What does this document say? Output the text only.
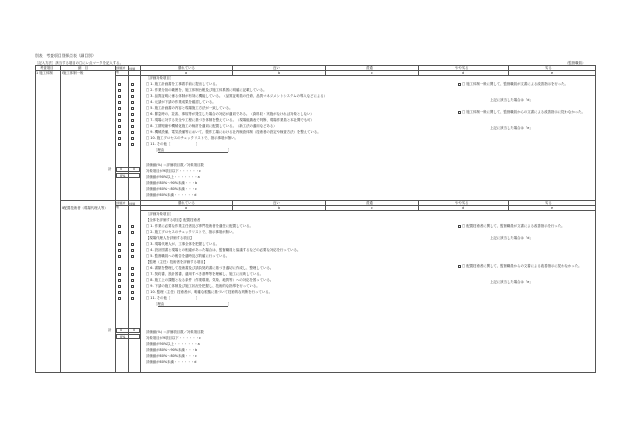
別表　考査項目別採点表（細目別）
［記入方法］該当する項目の□にレ点マークを記入する。	（監督職員）
考査項目	細　目	評価対象
評価	優れている	良い	普通	やや劣る	劣る
a	b	c	d	e
1 施工体制	Ⅰ施工体制一般
［評価対象項目］
□ 1. 施工計画書を工事着手前に提出している。
□ 2. 作業分担の範囲を、施工体制台帳及び施工体系図に明確に記載している。
□ 3. 品質証明に係る体制が有効に機能している。（品質証明員の任命、品質マネジメントシステムの導入などによる）
□ 4. 元請が下請の作業成果を確認している。
□ 5. 施工計画書の内容と現場施工方法が一致している。
□ 6. 緊急時の、災害、事故等が発生した場合の対応が適切である。（資料収・実施がなければ対象としない）
□ 7. 現場に対する安全や工程に基づき体制を整えている。（現場組織表で判断、現場作業員と本社間でも可）
□ 8. 工期短縮や機械化施工の検討を適切に配置している。（新工法の適用などある）
□ 9. 機械設備、電気設備等において、製作工場における社内検査体制（技術者の設定や検査方法）を整えている。
□ 10. 施工プロセスのチェックリストで、指示事項が無い。
□ 11. その他［	］
［理由	］
□ 施工体制一般に関して、監督職員が文書による改善指示を行った。
上記に該当した場合は「d」
□ 施工体制一般に関して、監督職員からの文書による改善指示に従わなかった。
上記に該当した場合は「e」
計	0	0
0%
評価値(%) ＝評価項目数／対象項目数
対象項目が9項目以下・・・・・・c
評価値が90%以上・・・・・・・a
評価値が80%～90%未満・・・b
評価値が60%～80%未満・・・c
評価値が60%未満・・・・・・d
評価対象
評価	優れている	良い	普通	やや劣る	劣る
a	b	c	d	e
Ⅱ配置技術者（現場代理人等）
［評価対象項目］
【全体を評価する項目】配置技術者
□ 1. 作業に必要な作業主任者及び専門技術者を適任に配置している。
□ 2. 施工プロセスのチェックリストで、指示事項が無い。
【現場代理人を評価する項目】
□ 3. 現場代理人が、工事全体を把握している。
□ 4. 設計図書と現場との相違があった場合は、監督職員と協議するなどの必要な対応を行っている。
□ 5. 監督職員への報告を適時及び的確に行っている。
【監理（主任）技術者を評価する項目】
□ 6. 書類を整理して技術書及び請負契約書に基づき適切に作成し、整理している。
□ 7. 契約書、設計図書、適用すべき基準等を理解し、施工に反映している。
□ 8. 施工上の課題となる条件（作業環境、気象、地質等）への対応を図っている。
□ 9. 下請の施工体制及び施工状況を把握し、技術的な指導を行っている。
□ 10. 監理（主任）技術者が、明確な根拠に基づいて技術的な判断を行っている。
□ 11. その他［	］
［理由	］
□ 配置技術者に関して、監督職員が文書による改善指示を行った。
上記に該当した場合は「d」
□ 配置技術者に関して、監督職員からの文書による改善指示に従わなかった。
上記に該当した場合は「e」
計	0	0
0%
評価値(%) ＝評価項目数／対象項目数
対象項目が9項目以下・・・・・・c
評価値が90%以上・・・・・・・a
評価値が80%～90%未満・・・b
評価値が60%～80%未満・・・c
評価値が60%未満・・・・・・d
